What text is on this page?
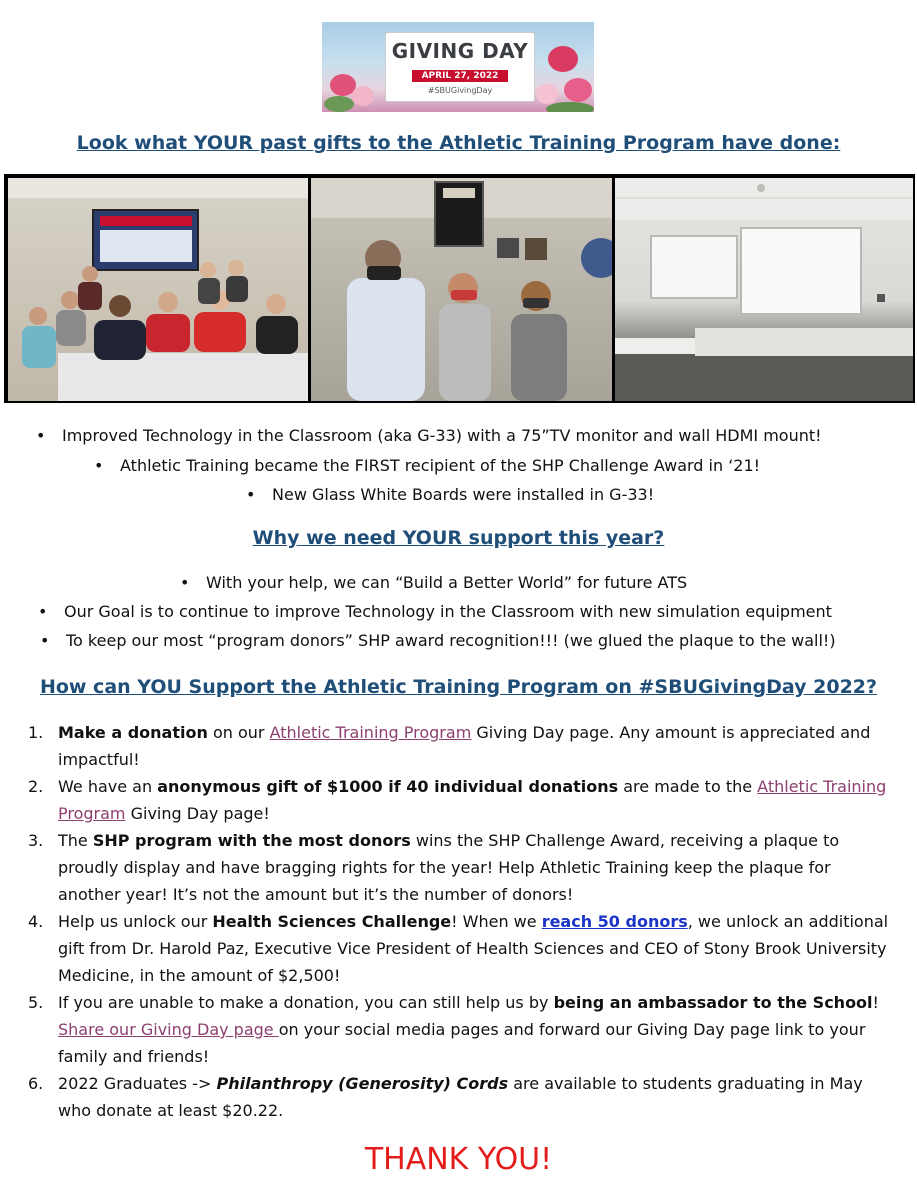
GIVING DAY
APRIL 27, 2022
#SBUGivingDay
Look what YOUR past gifts to the Athletic Training Program have done:
• Improved Technology in the Classroom (aka G-33) with a 75”TV monitor and wall HDMI mount!
• Athletic Training became the FIRST recipient of the SHP Challenge Award in ‘21!
• New Glass White Boards were installed in G-33!
Why we need YOUR support this year?
• With your help, we can “Build a Better World” for future ATS
• Our Goal is to continue to improve Technology in the Classroom with new simulation equipment
• To keep our most “program donors” SHP award recognition!!! (we glued the plaque to the wall!)
How can YOU Support the Athletic Training Program on #SBUGivingDay 2022?
1. Make a donation on our Athletic Training Program Giving Day page. Any amount is appreciated and impactful!
2. We have an anonymous gift of $1000 if 40 individual donations are made to the Athletic Training Program Giving Day page!
3. The SHP program with the most donors wins the SHP Challenge Award, receiving a plaque to proudly display and have bragging rights for the year! Help Athletic Training keep the plaque for another year! It’s not the amount but it’s the number of donors!
4. Help us unlock our Health Sciences Challenge! When we reach 50 donors, we unlock an additional gift from Dr. Harold Paz, Executive Vice President of Health Sciences and CEO of Stony Brook University Medicine, in the amount of $2,500!
5. If you are unable to make a donation, you can still help us by being an ambassador to the School! Share our Giving Day page on your social media pages and forward our Giving Day page link to your family and friends!
6. 2022 Graduates -> Philanthropy (Generosity) Cords are available to students graduating in May who donate at least $20.22.
THANK YOU!
